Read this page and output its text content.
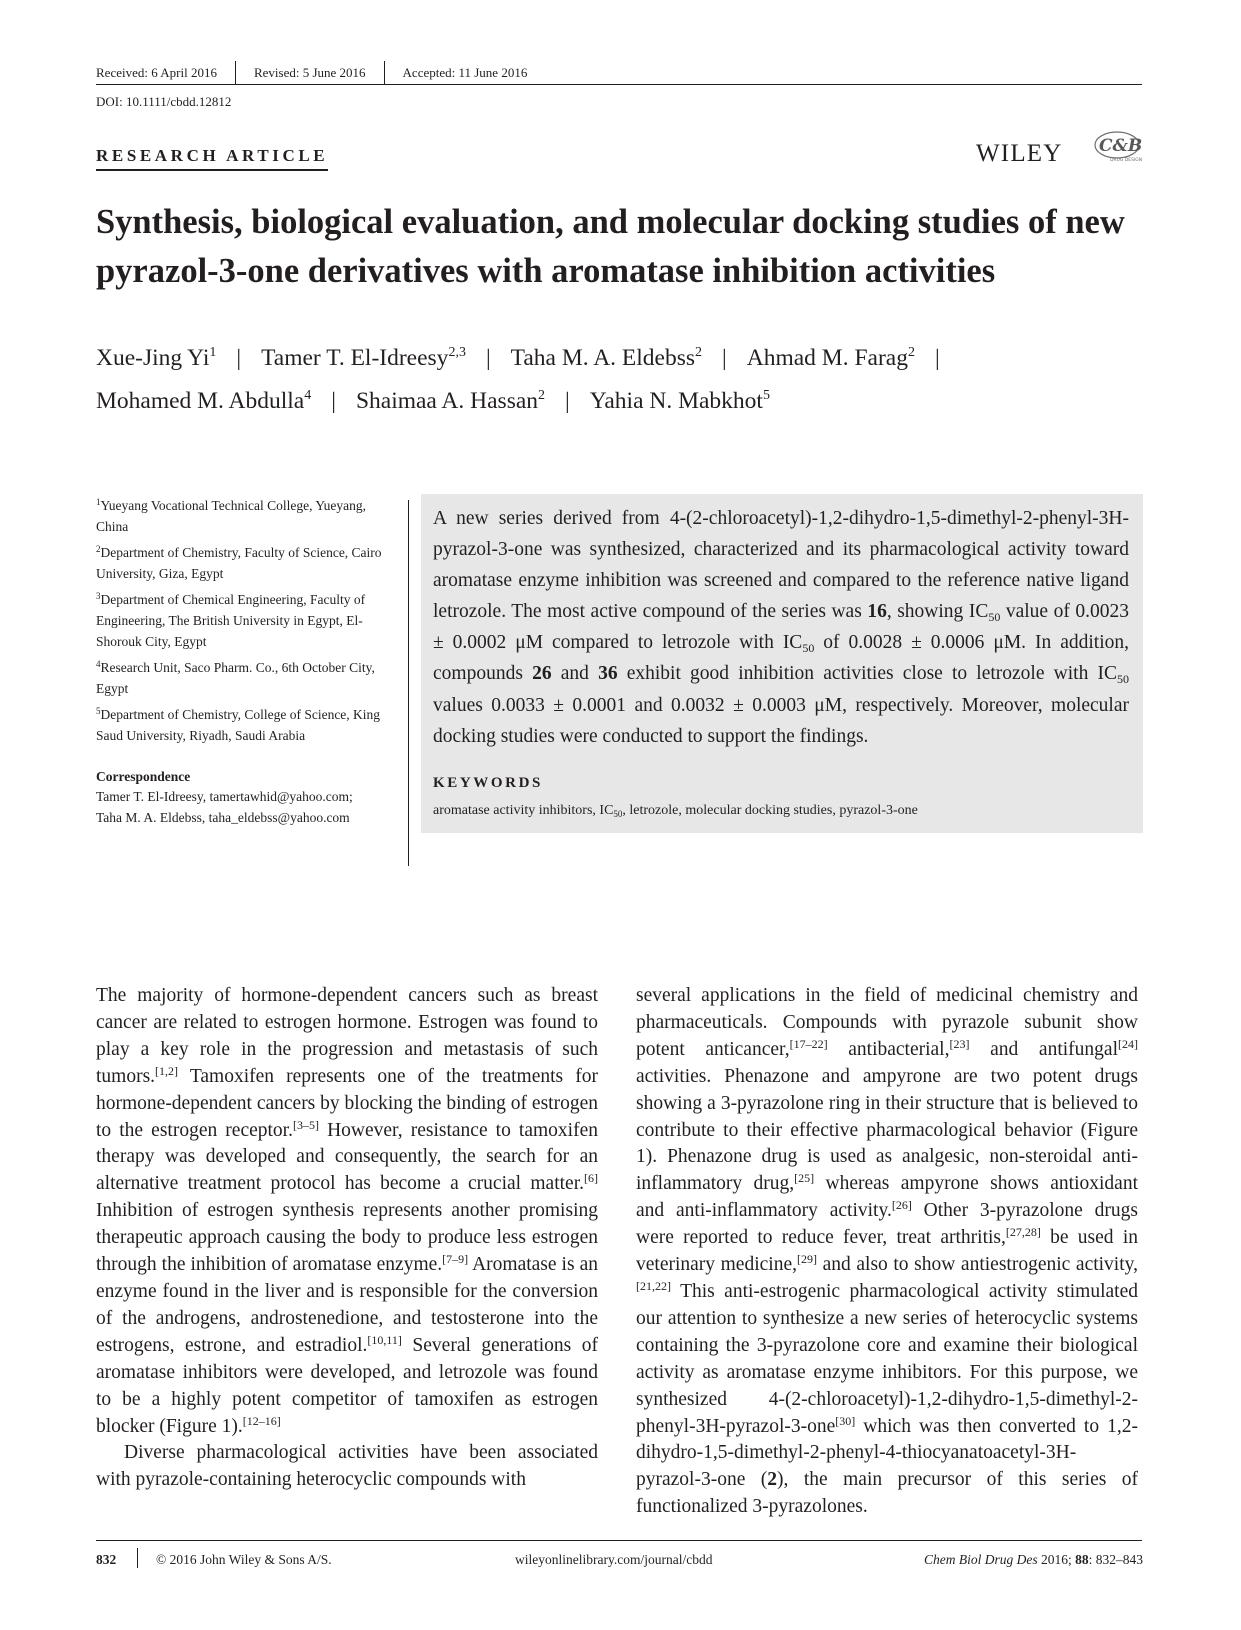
Received: 6 April 2016	Revised: 5 June 2016	Accepted: 11 June 2016
DOI: 10.1111/cbdd.12812
RESEARCH ARTICLE	WILEY C&B
DRUG DESIGN
Synthesis, biological evaluation, and molecular docking studies of new pyrazol-3-one derivatives with aromatase inhibition activities
Xue-Jing Yi$^1$ | Tamer T. El-Idreesy$^{2,3}$ | Taha M. A. Eldebss$^2$ | Ahmad M. Farag$^2$ |
Mohamed M. Abdulla$^4$ | Shaimaa A. Hassan$^2$ | Yahia N. Mabkhot$^5$
$^1$Yueyang Vocational Technical College, Yueyang, China
$^2$Department of Chemistry, Faculty of Science, Cairo University, Giza, Egypt
$^3$Department of Chemical Engineering, Faculty of Engineering, The British University in Egypt, El-Shorouk City, Egypt
$^4$Research Unit, Saco Pharm. Co., 6th October City, Egypt
$^5$Department of Chemistry, College of Science, King Saud University, Riyadh, Saudi Arabia
Correspondence
Tamer T. El-Idreesy, tamertawhid@yahoo.com;
Taha M. A. Eldebss, taha_eldebss@yahoo.com

A new series derived from 4-(2-chloroacetyl)-1,2-dihydro-1,5-dimethyl-2-phenyl-3H-pyrazol-3-one was synthesized, characterized and its pharmacological activity toward aromatase enzyme inhibition was screened and compared to the reference native ligand letrozole. The most active compound of the series was 16, showing $IC_{50}$ value of 0.0023 ± 0.0002 μM compared to letrozole with $IC_{50}$ of 0.0028 ± 0.0006 μM. In addition, compounds 26 and 36 exhibit good inhibition activities close to letrozole with $IC_{50}$ values 0.0033 ± 0.0001 and 0.0032 ± 0.0003 μM, respectively. Moreover, molecular docking studies were conducted to support the findings.

KEYWORDS
aromatase activity inhibitors, $IC_{50}$, letrozole, molecular docking studies, pyrazol-3-one

The majority of hormone-dependent cancers such as breast cancer are related to estrogen hormone. Estrogen was found to play a key role in the progression and metastasis of such tumors.[1,2] Tamoxifen represents one of the treatments for hormone-dependent cancers by blocking the binding of estrogen to the estrogen receptor.[3–5] However, resistance to tamoxifen therapy was developed and consequently, the search for an alternative treatment protocol has become a crucial matter.[6] Inhibition of estrogen synthesis represents another promising therapeutic approach causing the body to produce less estrogen through the inhibition of aromatase enzyme.[7–9] Aromatase is an enzyme found in the liver and is responsible for the conversion of the androgens, androstenedione, and testosterone into the estrogens, estrone, and estradiol.[10,11] Several generations of aromatase inhibitors were developed, and letrozole was found to be a highly potent competitor of tamoxifen as estrogen blocker (Figure 1).[12–16]

Diverse pharmacological activities have been associated with pyrazole-containing heterocyclic compounds with

several applications in the field of medicinal chemistry and pharmaceuticals. Compounds with pyrazole subunit show potent anticancer,[17–22] antibacterial,[23] and antifungal[24] activities. Phenazone and ampyrone are two potent drugs showing a 3-pyrazolone ring in their structure that is believed to contribute to their effective pharmacological behavior (Figure 1). Phenazone drug is used as analgesic, non-steroidal anti-inflammatory drug,[25] whereas ampyrone shows antioxidant and anti-inflammatory activity.[26] Other 3-pyrazolone drugs were reported to reduce fever, treat arthritis,[27,28] be used in veterinary medicine,[29] and also to show antiestrogenic activity,[21,22] This anti-estrogenic pharmacological activity stimulated our attention to synthesize a new series of heterocyclic systems containing the 3-pyrazolone core and examine their biological activity as aromatase enzyme inhibitors. For this purpose, we synthesized 4-(2-chloroacetyl)-1,2-dihydro-1,5-dimethyl-2-phenyl-3H-pyrazol-3-one[30] which was then converted to 1,2-dihydro-1,5-dimethyl-2-phenyl-4-thiocyanatoacetyl-3H-pyrazol-3-one (2), the main precursor of this series of functionalized 3-pyrazolones.

832	© 2016 John Wiley & Sons A/S.	wileyonlinelibrary.com/journal/cbdd	Chem Biol Drug Des 2016; 88: 832–843
